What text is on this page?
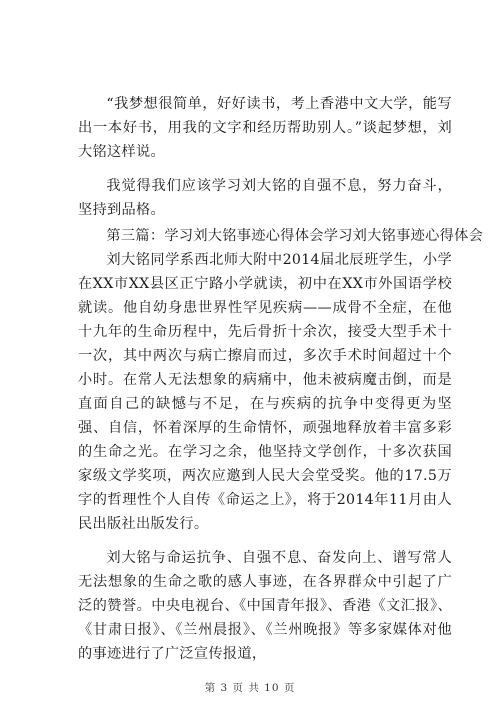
“我梦想很简单，好好读书，考上香港中文大学，能写出一本好书，用我的文字和经历帮助别人。”谈起梦想，刘大铭这样说。

我觉得我们应该学习刘大铭的自强不息，努力奋斗，坚持到品格。

第三篇：学习刘大铭事迹心得体会学习刘大铭事迹心得体会

刘大铭同学系西北师大附中2014届北辰班学生，小学在XX市XX县区正宁路小学就读，初中在XX市外国语学校就读。他自幼身患世界性罕见疾病——成骨不全症，在他十九年的生命历程中，先后骨折十余次，接受大型手术十一次，其中两次与病亡擦肩而过，多次手术时间超过十个小时。在常人无法想象的病痛中，他未被病魔击倒，而是直面自己的缺憾与不足，在与疾病的抗争中变得更为坚强、自信，怀着深厚的生命情怀，顽强地释放着丰富多彩的生命之光。在学习之余，他坚持文学创作，十多次获国家级文学奖项，两次应邀到人民大会堂受奖。他的17.5万字的哲理性个人自传《命运之上》，将于2014年11月由人民出版社出版发行。

刘大铭与命运抗争、自强不息、奋发向上、谱写常人无法想象的生命之歌的感人事迹，在各界群众中引起了广泛的赞誉。中央电视台、《中国青年报》、香港《文汇报》、《甘肃日报》、《兰州晨报》、《兰州晚报》等多家媒体对他的事迹进行了广泛宣传报道，

第 3 页 共 10 页
